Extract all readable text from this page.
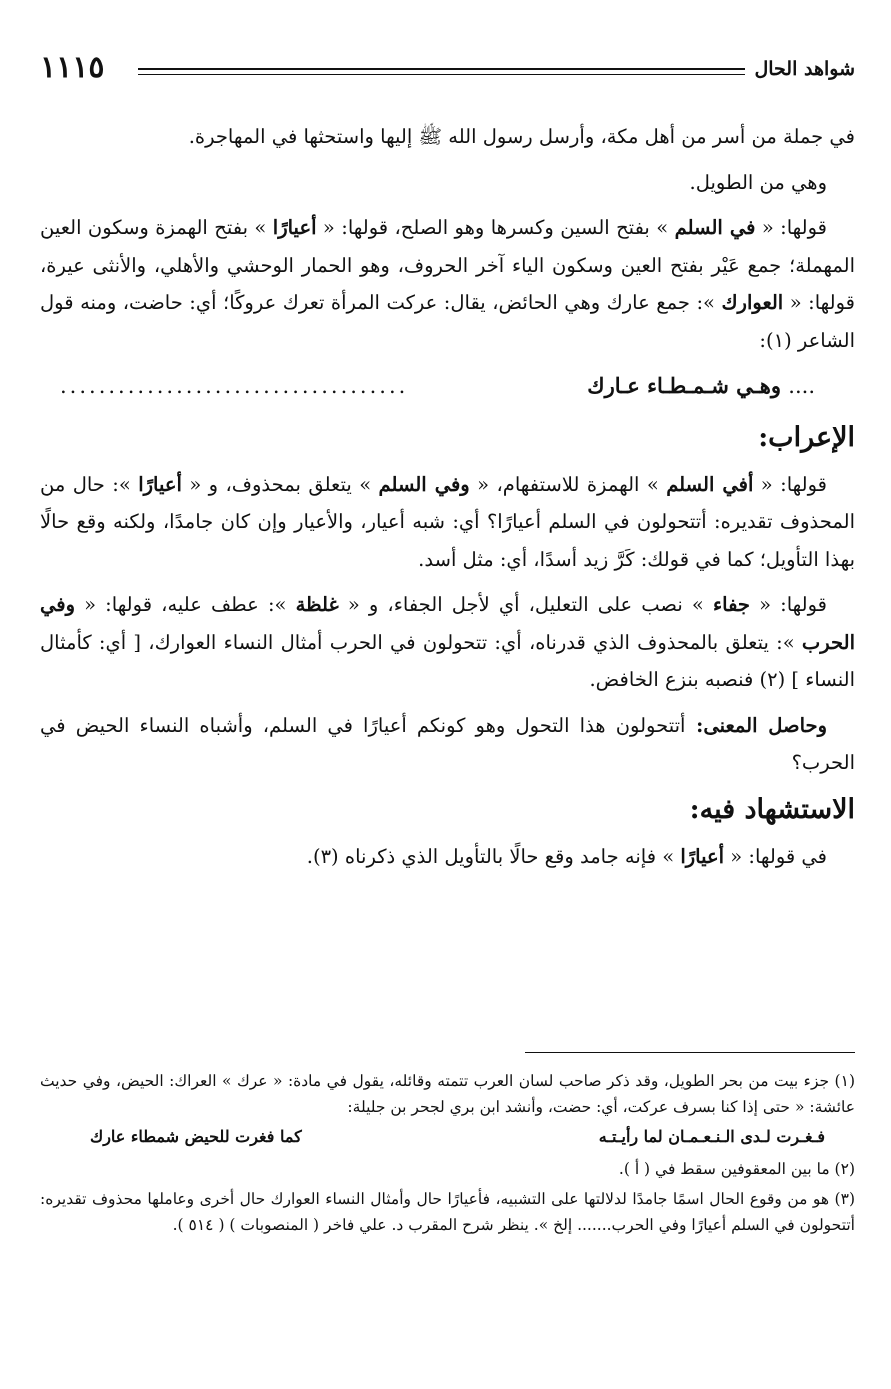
شواهد الحال
١١١٥

في جملة من أسر من أهل مكة، وأرسل رسول الله ﷺ إليها واستحثها في المهاجرة.

وهي من الطويل.

قولها: « في السلم » بفتح السين وكسرها وهو الصلح، قولها: « أعيارًا » بفتح الهمزة وسكون العين المهملة؛ جمع عَيْر بفتح العين وسكون الياء آخر الحروف، وهو الحمار الوحشي والأهلي، والأنثى عيرة، قولها: « العوارك »: جمع عارك وهي الحائض، يقال: عركت المرأة تعرك عروكًا؛ أي: حاضت، ومنه قول الشاعر (١):

.... وهـي شـمـطـاء عـارك
....................................
الإعراب:

قولها: « أفي السلم » الهمزة للاستفهام، « وفي السلم » يتعلق بمحذوف، و « أعيارًا »: حال من المحذوف تقديره: أتتحولون في السلم أعيارًا؟ أي: شبه أعيار، والأعيار وإن كان جامدًا، ولكنه وقع حالًا بهذا التأويل؛ كما في قولك: كَرَّ زيد أسدًا، أي: مثل أسد.

قولها: « جفاء » نصب على التعليل، أي لأجل الجفاء، و « غلظة »: عطف عليه، قولها: « وفي الحرب »: يتعلق بالمحذوف الذي قدرناه، أي: تتحولون في الحرب أمثال النساء العوارك، [ أي: كأمثال النساء ] (٢) فنصبه بنزع الخافض.

وحاصل المعنى: أتتحولون هذا التحول وهو كونكم أعيارًا في السلم، وأشباه النساء الحيض في الحرب؟

الاستشهاد فيه:

في قولها: « أعيارًا » فإنه جامد وقع حالًا بالتأويل الذي ذكرناه (٣).

(١) جزء بيت من بحر الطويل، وقد ذكر صاحب لسان العرب تتمته وقائله، يقول في مادة: « عرك » العراك: الحيض، وفي حديث عائشة: « حتى إذا كنا بسرف عركت، أي: حضت، وأنشد ابن بري لجحر بن جليلة:

فـغـرت لـدى الـنـعـمـان لما رأيـتـه
كما فغرت للحيض شمطاء عارك

(٢) ما بين المعقوفين سقط في ( أ ).

(٣) هو من وقوع الحال اسمًا جامدًا لدلالتها على التشبيه، فأعيارًا حال وأمثال النساء العوارك حال أخرى وعاملها محذوف تقديره: أتتحولون في السلم أعيارًا وفي الحرب....... إلخ ». ينظر شرح المقرب د. علي فاخر ( المنصوبات ) ( ٥١٤ ).
